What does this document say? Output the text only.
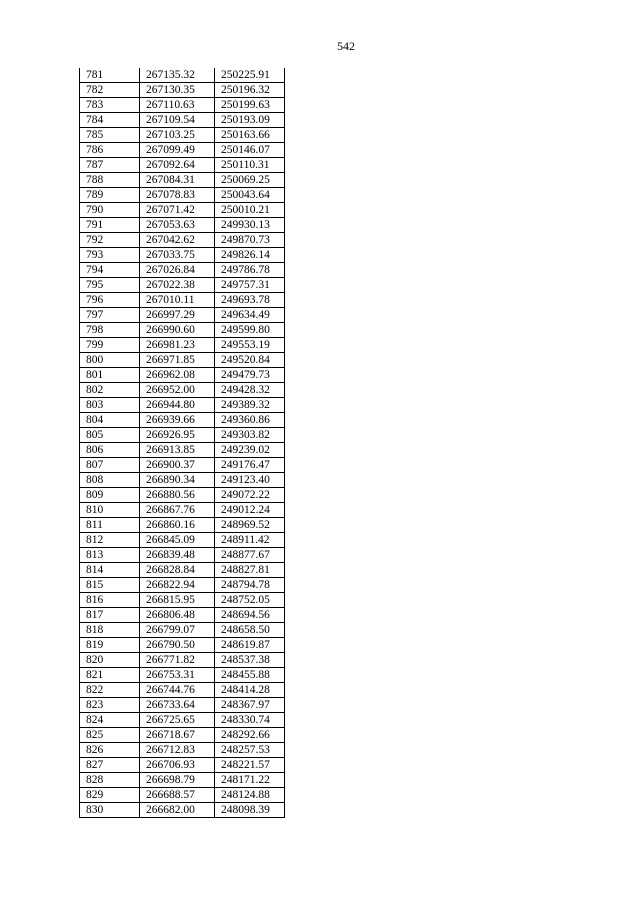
542
781	267135.32	250225.91
782	267130.35	250196.32
783	267110.63	250199.63
784	267109.54	250193.09
785	267103.25	250163.66
786	267099.49	250146.07
787	267092.64	250110.31
788	267084.31	250069.25
789	267078.83	250043.64
790	267071.42	250010.21
791	267053.63	249930.13
792	267042.62	249870.73
793	267033.75	249826.14
794	267026.84	249786.78
795	267022.38	249757.31
796	267010.11	249693.78
797	266997.29	249634.49
798	266990.60	249599.80
799	266981.23	249553.19
800	266971.85	249520.84
801	266962.08	249479.73
802	266952.00	249428.32
803	266944.80	249389.32
804	266939.66	249360.86
805	266926.95	249303.82
806	266913.85	249239.02
807	266900.37	249176.47
808	266890.34	249123.40
809	266880.56	249072.22
810	266867.76	249012.24
811	266860.16	248969.52
812	266845.09	248911.42
813	266839.48	248877.67
814	266828.84	248827.81
815	266822.94	248794.78
816	266815.95	248752.05
817	266806.48	248694.56
818	266799.07	248658.50
819	266790.50	248619.87
820	266771.82	248537.38
821	266753.31	248455.88
822	266744.76	248414.28
823	266733.64	248367.97
824	266725.65	248330.74
825	266718.67	248292.66
826	266712.83	248257.53
827	266706.93	248221.57
828	266698.79	248171.22
829	266688.57	248124.88
830	266682.00	248098.39
